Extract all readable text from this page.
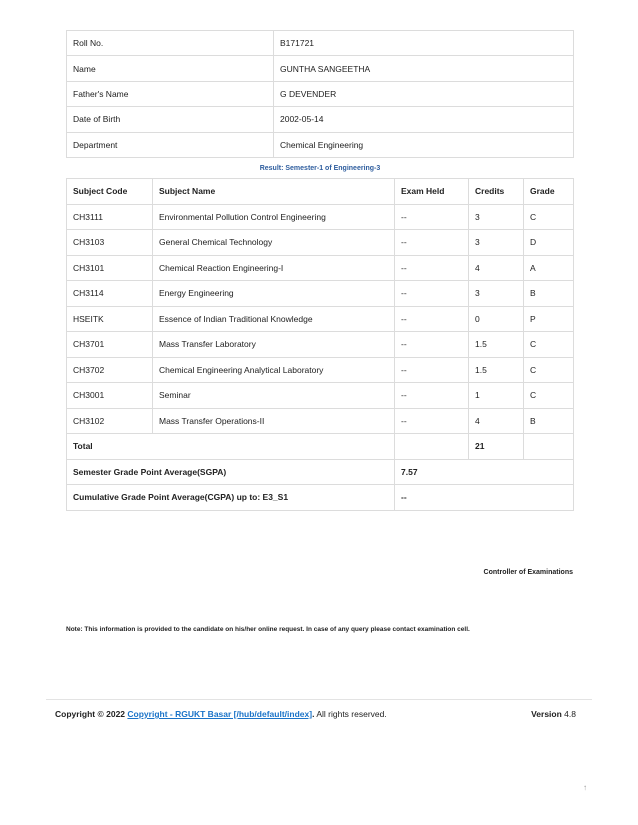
Roll No.	B171721
Name	GUNTHA SANGEETHA
Father's Name	G DEVENDER
Date of Birth	2002-05-14
Department	Chemical Engineering
Result: Semester-1 of Engineering-3
Subject Code	Subject Name	Exam Held	Credits	Grade
CH3111	Environmental Pollution Control Engineering	--	3	C
CH3103	General Chemical Technology	--	3	D
CH3101	Chemical Reaction Engineering-I	--	4	A
CH3114	Energy Engineering	--	3	B
HSEITK	Essence of Indian Traditional Knowledge	--	0	P
CH3701	Mass Transfer Laboratory	--	1.5	C
CH3702	Chemical Engineering Analytical Laboratory	--	1.5	C
CH3001	Seminar	--	1	C
CH3102	Mass Transfer Operations-II	--	4	B
Total			21	
Semester Grade Point Average(SGPA)		7.57		
Cumulative Grade Point Average(CGPA) up to: E3_S1		--		
Controller of Examinations
Note: This information is provided to the candidate on his/her online request. In case of any query please contact examination cell.
Copyright © 2022 Copyright - RGUKT Basar [/hub/default/index]. All rights reserved.	Version 4.8
↑
